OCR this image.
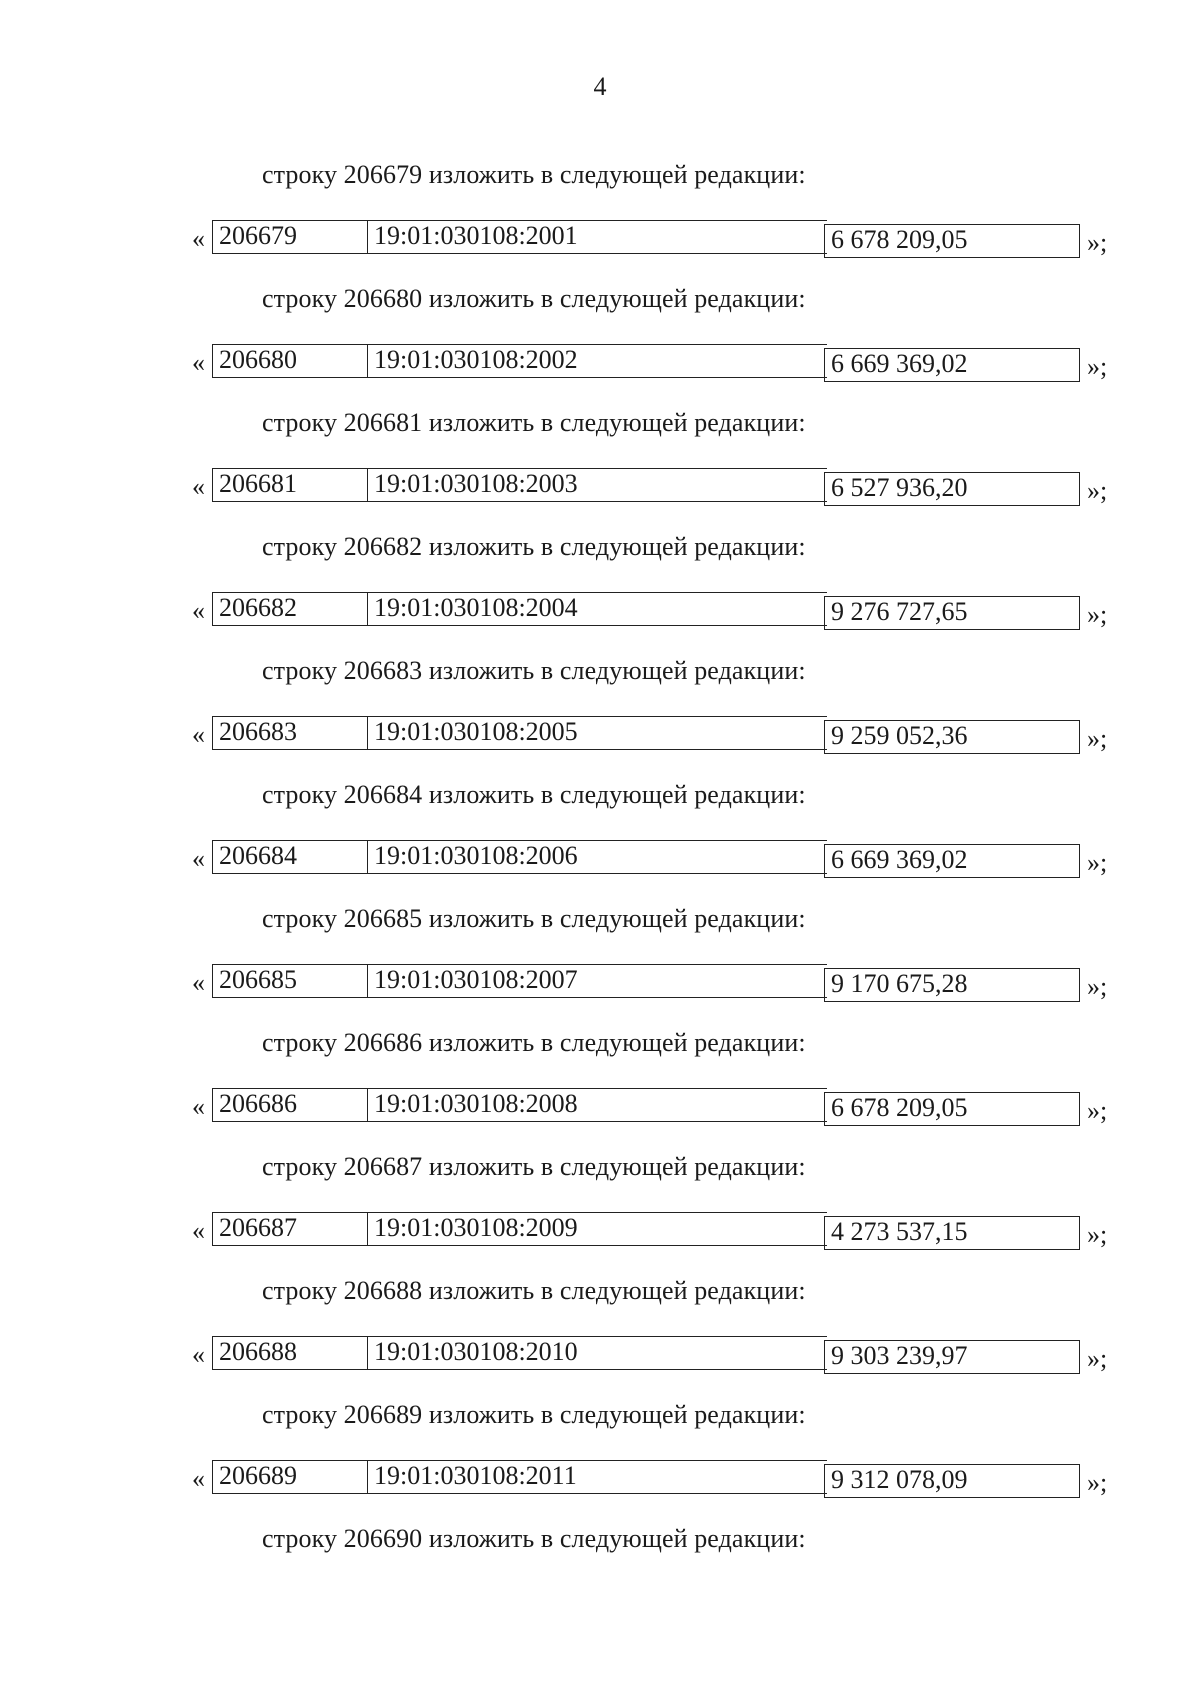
4
строку 206679 изложить в следующей редакции:
« 206679	19:01:030108:2001	6 678 209,05	»;
строку 206680 изложить в следующей редакции:
« 206680	19:01:030108:2002	6 669 369,02	»;
строку 206681 изложить в следующей редакции:
« 206681	19:01:030108:2003	6 527 936,20	»;
строку 206682 изложить в следующей редакции:
« 206682	19:01:030108:2004	9 276 727,65	»;
строку 206683 изложить в следующей редакции:
« 206683	19:01:030108:2005	9 259 052,36	»;
строку 206684 изложить в следующей редакции:
« 206684	19:01:030108:2006	6 669 369,02	»;
строку 206685 изложить в следующей редакции:
« 206685	19:01:030108:2007	9 170 675,28	»;
строку 206686 изложить в следующей редакции:
« 206686	19:01:030108:2008	6 678 209,05	»;
строку 206687 изложить в следующей редакции:
« 206687	19:01:030108:2009	4 273 537,15	»;
строку 206688 изложить в следующей редакции:
« 206688	19:01:030108:2010	9 303 239,97	»;
строку 206689 изложить в следующей редакции:
« 206689	19:01:030108:2011	9 312 078,09	»;
строку 206690 изложить в следующей редакции:
